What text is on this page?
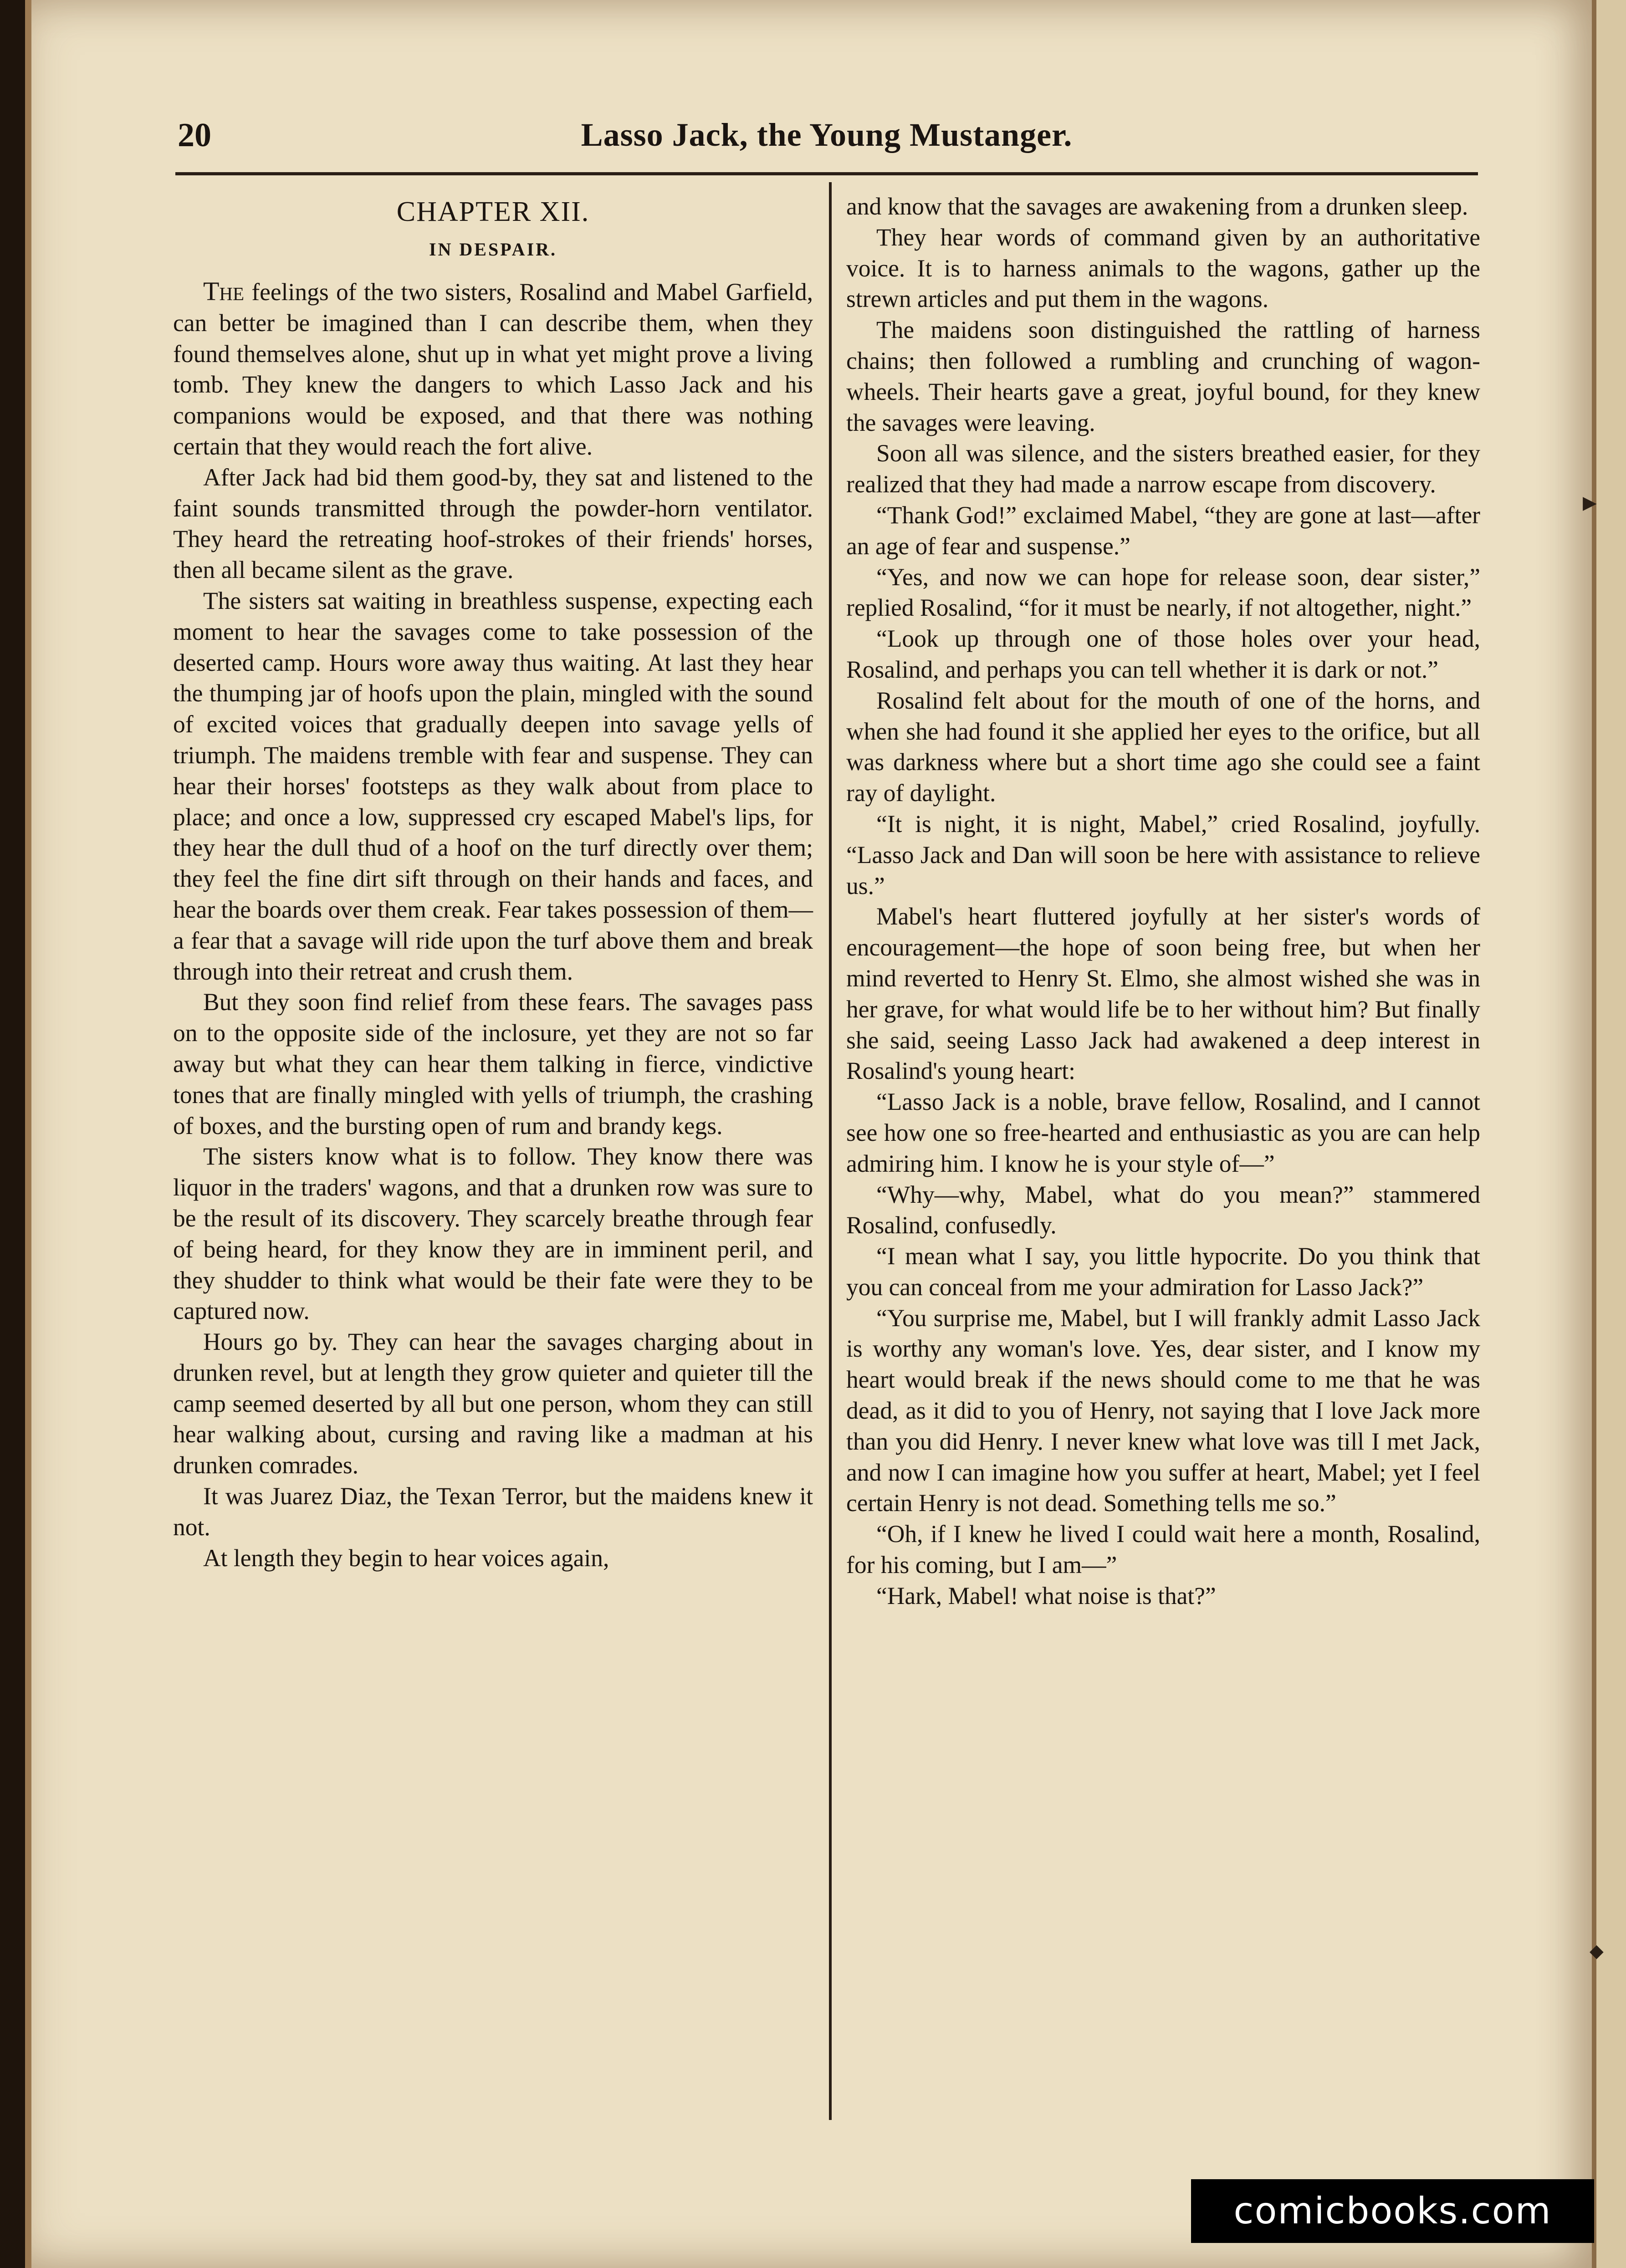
20	Lasso Jack, the Young Mustanger.
CHAPTER XII.
IN DESPAIR.

The feelings of the two sisters, Rosalind and Mabel Garfield, can better be imagined than I can describe them, when they found themselves alone, shut up in what yet might prove a living tomb. They knew the dangers to which Lasso Jack and his companions would be exposed, and that there was nothing certain that they would reach the fort alive.

After Jack had bid them good-by, they sat and listened to the faint sounds transmitted through the powder-horn ventilator. They heard the retreating hoof-strokes of their friends' horses, then all became silent as the grave.

The sisters sat waiting in breathless suspense, expecting each moment to hear the savages come to take possession of the deserted camp. Hours wore away thus waiting. At last they hear the thumping jar of hoofs upon the plain, mingled with the sound of excited voices that gradually deepen into savage yells of triumph. The maidens tremble with fear and suspense. They can hear their horses' footsteps as they walk about from place to place; and once a low, suppressed cry escaped Mabel's lips, for they hear the dull thud of a hoof on the turf directly over them; they feel the fine dirt sift through on their hands and faces, and hear the boards over them creak. Fear takes possession of them—a fear that a savage will ride upon the turf above them and break through into their retreat and crush them.

But they soon find relief from these fears. The savages pass on to the opposite side of the inclosure, yet they are not so far away but what they can hear them talking in fierce, vindictive tones that are finally mingled with yells of triumph, the crashing of boxes, and the bursting open of rum and brandy kegs.

The sisters know what is to follow. They know there was liquor in the traders' wagons, and that a drunken row was sure to be the result of its discovery. They scarcely breathe through fear of being heard, for they know they are in imminent peril, and they shudder to think what would be their fate were they to be captured now.

Hours go by. They can hear the savages charging about in drunken revel, but at length they grow quieter and quieter till the camp seemed deserted by all but one person, whom they can still hear walking about, cursing and raving like a madman at his drunken comrades.

It was Juarez Diaz, the Texan Terror, but the maidens knew it not.

At length they begin to hear voices again,

and know that the savages are awakening from a drunken sleep.

They hear words of command given by an authoritative voice. It is to harness animals to the wagons, gather up the strewn articles and put them in the wagons.

The maidens soon distinguished the rattling of harness chains; then followed a rumbling and crunching of wagon-wheels. Their hearts gave a great, joyful bound, for they knew the savages were leaving.

Soon all was silence, and the sisters breathed easier, for they realized that they had made a narrow escape from discovery.

“Thank God!” exclaimed Mabel, “they are gone at last—after an age of fear and suspense.”

“Yes, and now we can hope for release soon, dear sister,” replied Rosalind, “for it must be nearly, if not altogether, night.”

“Look up through one of those holes over your head, Rosalind, and perhaps you can tell whether it is dark or not.”

Rosalind felt about for the mouth of one of the horns, and when she had found it she applied her eyes to the orifice, but all was darkness where but a short time ago she could see a faint ray of daylight.

“It is night, it is night, Mabel,” cried Rosalind, joyfully. “Lasso Jack and Dan will soon be here with assistance to relieve us.”

Mabel's heart fluttered joyfully at her sister's words of encouragement—the hope of soon being free, but when her mind reverted to Henry St. Elmo, she almost wished she was in her grave, for what would life be to her without him? But finally she said, seeing Lasso Jack had awakened a deep interest in Rosalind's young heart:

“Lasso Jack is a noble, brave fellow, Rosalind, and I cannot see how one so free-hearted and enthusiastic as you are can help admiring him. I know he is your style of—”

“Why—why, Mabel, what do you mean?” stammered Rosalind, confusedly.

“I mean what I say, you little hypocrite. Do you think that you can conceal from me your admiration for Lasso Jack?”

“You surprise me, Mabel, but I will frankly admit Lasso Jack is worthy any woman's love. Yes, dear sister, and I know my heart would break if the news should come to me that he was dead, as it did to you of Henry, not saying that I love Jack more than you did Henry. I never knew what love was till I met Jack, and now I can imagine how you suffer at heart, Mabel; yet I feel certain Henry is not dead. Something tells me so.”

“Oh, if I knew he lived I could wait here a month, Rosalind, for his coming, but I am—”

“Hark, Mabel! what noise is that?”

▶
◆
comicbooks.com
